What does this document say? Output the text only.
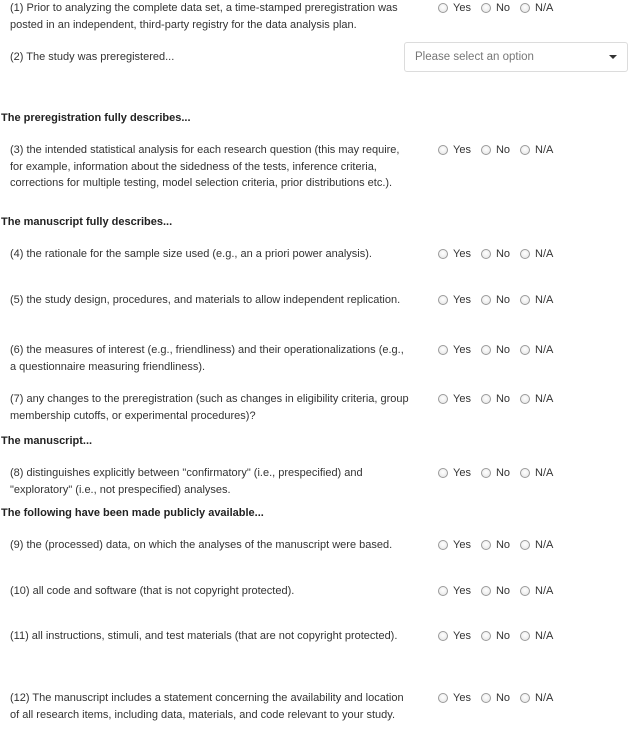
(1) Prior to analyzing the complete data set, a time-stamped preregistration was posted in an independent, third-party registry for the data analysis plan.

Yes No N/A

(2) The study was preregistered...	Please select an option

The preregistration fully describes...

(3) the intended statistical analysis for each research question (this may require, for example, information about the sidedness of the tests, inference criteria, corrections for multiple testing, model selection criteria, prior distributions etc.).

Yes No N/A

The manuscript fully describes...

(4) the rationale for the sample size used (e.g., an a priori power analysis).	Yes No N/A

(5) the study design, procedures, and materials to allow independent replication.	Yes No N/A

(6) the measures of interest (e.g., friendliness) and their operationalizations (e.g., a questionnaire measuring friendliness).

Yes No N/A

(7) any changes to the preregistration (such as changes in eligibility criteria, group membership cutoffs, or experimental procedures)?

Yes No N/A

The manuscript...

(8) distinguishes explicitly between "confirmatory" (i.e., prespecified) and "exploratory" (i.e., not prespecified) analyses.

Yes No N/A

The following have been made publicly available...

(9) the (processed) data, on which the analyses of the manuscript were based.	Yes No N/A

(10) all code and software (that is not copyright protected).	Yes No N/A

(11) all instructions, stimuli, and test materials (that are not copyright protected).	Yes No N/A

(12) The manuscript includes a statement concerning the availability and location of all research items, including data, materials, and code relevant to your study.

Yes No N/A
